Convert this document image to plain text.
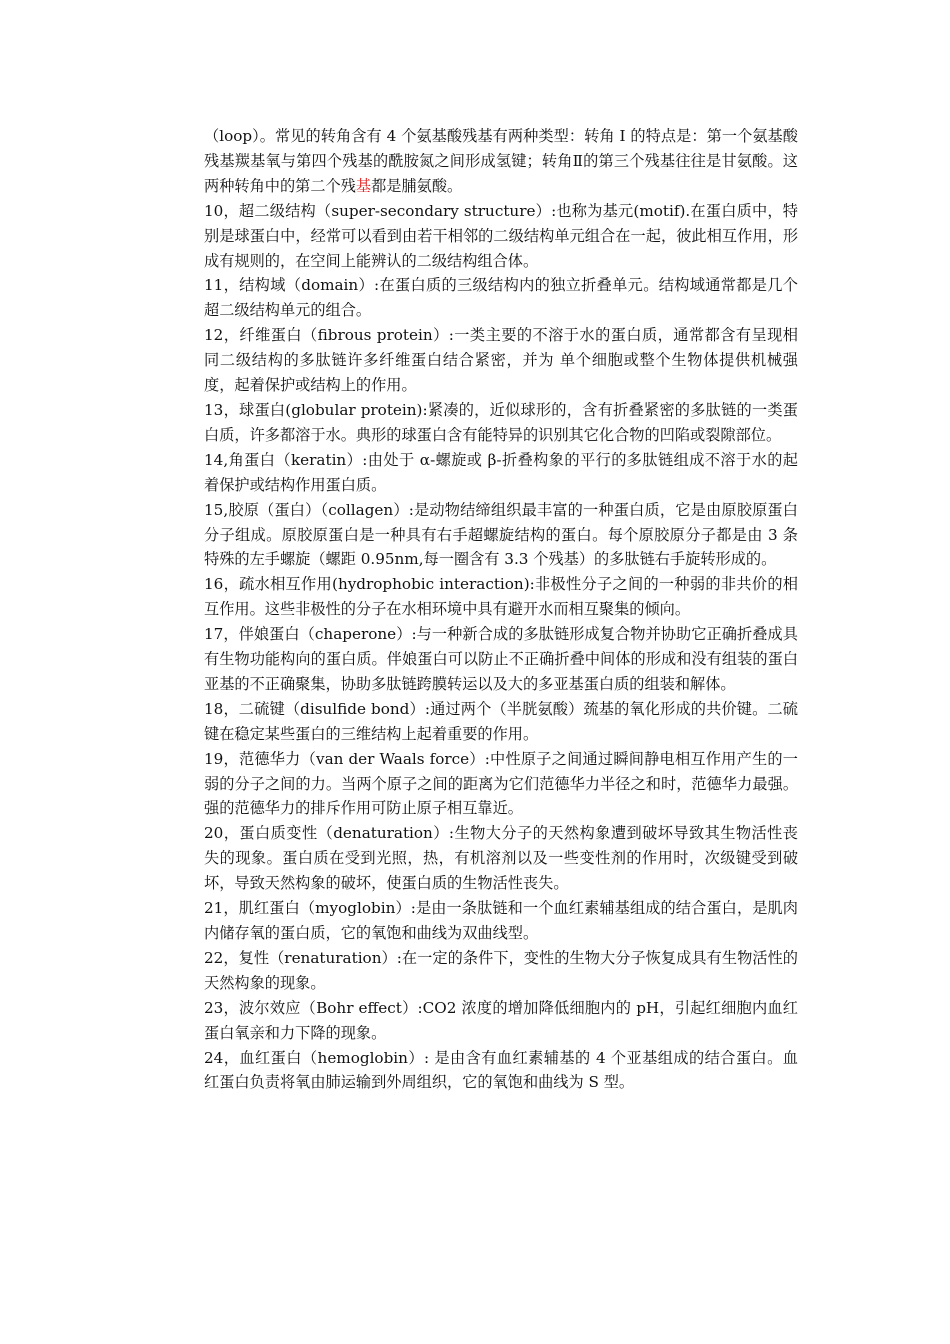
（loop）。常见的转角含有 4 个氨基酸残基有两种类型：转角 I 的特点是：第一个氨基酸残基羰基氧与第四个残基的酰胺氮之间形成氢键；转角Ⅱ的第三个残基往往是甘氨酸。这两种转角中的第二个残基都是脯氨酸。

10，超二级结构（super-secondary structure）:也称为基元(motif).在蛋白质中，特别是球蛋白中，经常可以看到由若干相邻的二级结构单元组合在一起，彼此相互作用，形成有规则的，在空间上能辨认的二级结构组合体。

11，结构域（domain）:在蛋白质的三级结构内的独立折叠单元。结构域通常都是几个超二级结构单元的组合。

12，纤维蛋白（fibrous protein）:一类主要的不溶于水的蛋白质，通常都含有呈现相同二级结构的多肽链许多纤维蛋白结合紧密，并为 单个细胞或整个生物体提供机械强度，起着保护或结构上的作用。

13，球蛋白(globular protein):紧凑的，近似球形的，含有折叠紧密的多肽链的一类蛋白质，许多都溶于水。典形的球蛋白含有能特异的识别其它化合物的凹陷或裂隙部位。

14,角蛋白（keratin）:由处于 α-螺旋或 β-折叠构象的平行的多肽链组成不溶于水的起着保护或结构作用蛋白质。

15,胶原（蛋白）（collagen）:是动物结缔组织最丰富的一种蛋白质，它是由原胶原蛋白分子组成。原胶原蛋白是一种具有右手超螺旋结构的蛋白。每个原胶原分子都是由 3 条特殊的左手螺旋（螺距 0.95nm,每一圈含有 3.3 个残基）的多肽链右手旋转形成的。

16，疏水相互作用(hydrophobic interaction):非极性分子之间的一种弱的非共价的相互作用。这些非极性的分子在水相环境中具有避开水而相互聚集的倾向。

17，伴娘蛋白（chaperone）:与一种新合成的多肽链形成复合物并协助它正确折叠成具有生物功能构向的蛋白质。伴娘蛋白可以防止不正确折叠中间体的形成和没有组装的蛋白亚基的不正确聚集，协助多肽链跨膜转运以及大的多亚基蛋白质的组装和解体。

18，二硫键（disulfide bond）:通过两个（半胱氨酸）巯基的氧化形成的共价键。二硫键在稳定某些蛋白的三维结构上起着重要的作用。

19，范德华力（van der Waals force）:中性原子之间通过瞬间静电相互作用产生的一弱的分子之间的力。当两个原子之间的距离为它们范德华力半径之和时，范德华力最强。强的范德华力的排斥作用可防止原子相互靠近。

20，蛋白质变性（denaturation）:生物大分子的天然构象遭到破坏导致其生物活性丧失的现象。蛋白质在受到光照，热，有机溶剂以及一些变性剂的作用时，次级键受到破坏，导致天然构象的破坏，使蛋白质的生物活性丧失。

21，肌红蛋白（myoglobin）:是由一条肽链和一个血红素辅基组成的结合蛋白，是肌肉内储存氧的蛋白质，它的氧饱和曲线为双曲线型。

22，复性（renaturation）:在一定的条件下，变性的生物大分子恢复成具有生物活性的天然构象的现象。

23，波尔效应（Bohr effect）:CO2 浓度的增加降低细胞内的 pH，引起红细胞内血红蛋白氧亲和力下降的现象。

24，血红蛋白（hemoglobin）: 是由含有血红素辅基的 4 个亚基组成的结合蛋白。血红蛋白负责将氧由肺运输到外周组织，它的氧饱和曲线为 S 型。
